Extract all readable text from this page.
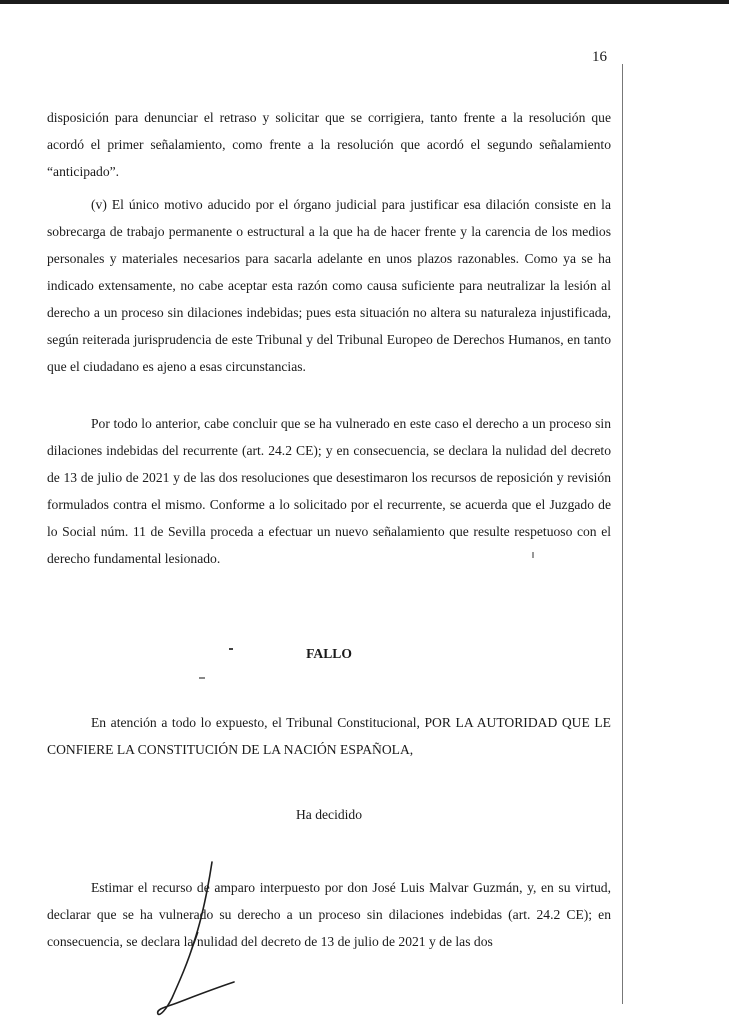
16

disposición para denunciar el retraso y solicitar que se corrigiera, tanto frente a la resolución que acordó el primer señalamiento, como frente a la resolución que acordó el segundo señalamiento “anticipado”.

(v) El único motivo aducido por el órgano judicial para justificar esa dilación consiste en la sobrecarga de trabajo permanente o estructural a la que ha de hacer frente y la carencia de los medios personales y materiales necesarios para sacarla adelante en unos plazos razonables. Como ya se ha indicado extensamente, no cabe aceptar esta razón como causa suficiente para neutralizar la lesión al derecho a un proceso sin dilaciones indebidas; pues esta situación no altera su naturaleza injustificada, según reiterada jurisprudencia de este Tribunal y del Tribunal Europeo de Derechos Humanos, en tanto que el ciudadano es ajeno a esas circunstancias.

Por todo lo anterior, cabe concluir que se ha vulnerado en este caso el derecho a un proceso sin dilaciones indebidas del recurrente (art. 24.2 CE); y en consecuencia, se declara la nulidad del decreto de 13 de julio de 2021 y de las dos resoluciones que desestimaron los recursos de reposición y revisión formulados contra el mismo. Conforme a lo solicitado por el recurrente, se acuerda que el Juzgado de lo Social núm. 11 de Sevilla proceda a efectuar un nuevo señalamiento que resulte respetuoso con el derecho fundamental lesionado.

FALLO

En atención a todo lo expuesto, el Tribunal Constitucional, POR LA AUTORIDAD QUE LE CONFIERE LA CONSTITUCIÓN DE LA NACIÓN ESPAÑOLA,

Ha decidido

Estimar el recurso de amparo interpuesto por don José Luis Malvar Guzmán, y, en su virtud, declarar que se ha vulnerado su derecho a un proceso sin dilaciones indebidas (art. 24.2 CE); en consecuencia, se declara la nulidad del decreto de 13 de julio de 2021 y de las dos
